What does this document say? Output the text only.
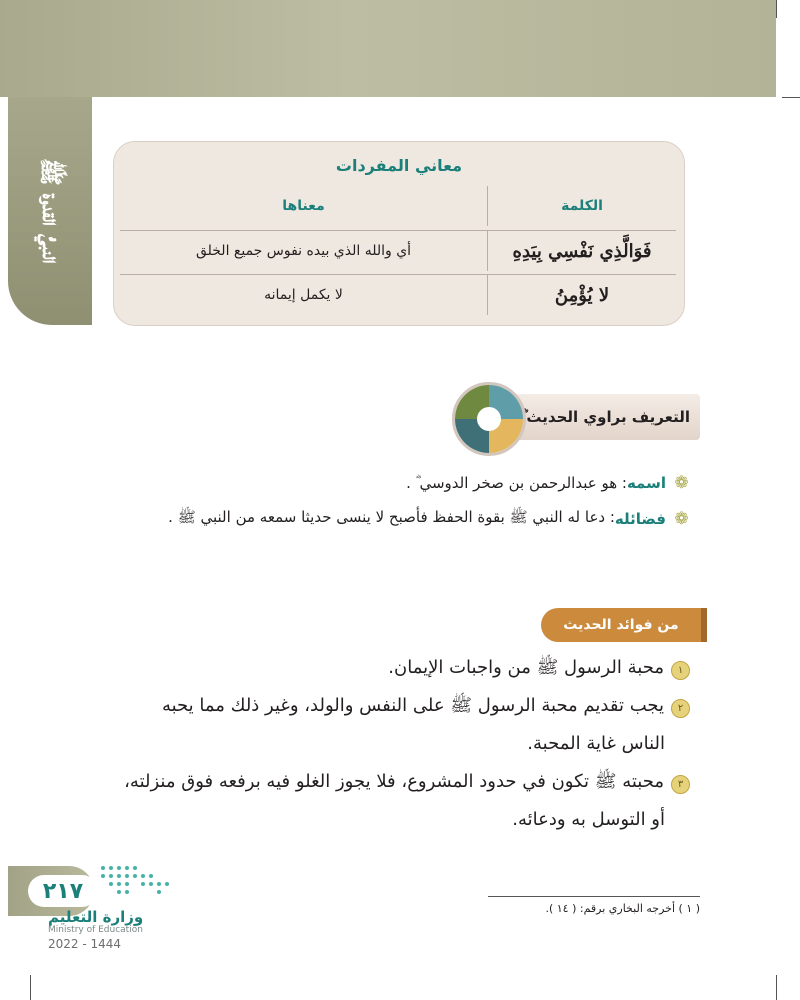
النبيُّ القدوة ﷺ	معاني المفردات
الكلمة
معناها
فَوَالَّذِي نَفْسِي بِيَدِهِ
أي والله الذي بيده نفوس جميع الخلق
لا يُؤْمِنُ
لا يكمل إيمانه
التعريف براوي الحديث ؓ
❁
اسمه
: هو عبدالرحمن بن صخر الدوسي ؓ .
❁
فضائله
: دعا له النبي ﷺ بقوة الحفظ فأصبح لا ينسى حديثا سمعه من النبي ﷺ .
من فوائد الحديث
١محبة الرسول ﷺ من واجبات الإيمان.
٢يجب تقديم محبة الرسول ﷺ على النفس والولد، وغير ذلك مما يحبه
الناس غاية المحبة.
٣محبته ﷺ تكون في حدود المشروع، فلا يجوز الغلو فيه برفعه فوق منزلته،
أو التوسل به ودعائه.
( ١ ) أخرجه البخاري برقم: ( ١٤ ).
٢١٧
وزارة التعليم
Ministry of Education
2022 - 1444
